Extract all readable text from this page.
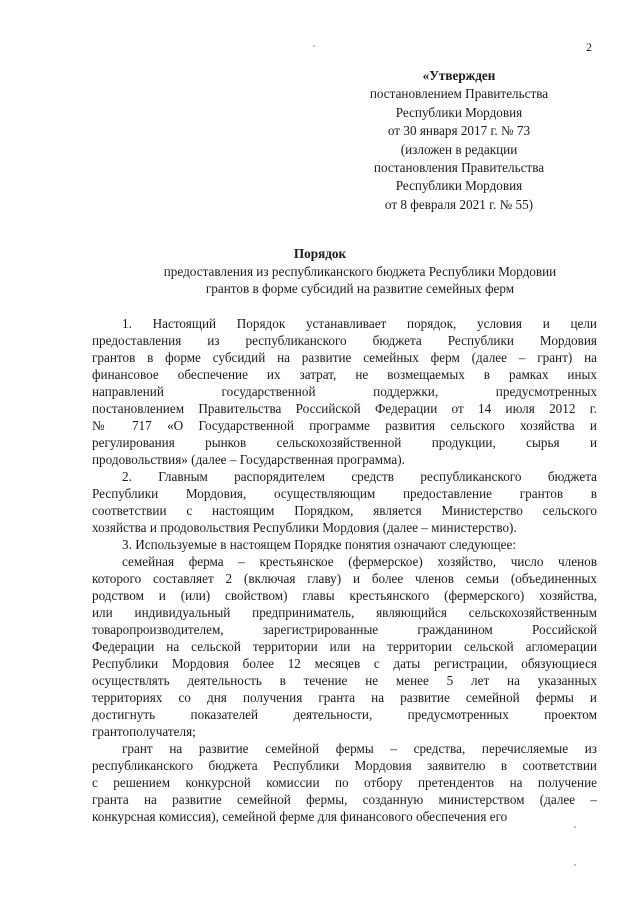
2
«Утвержден
постановлением Правительства
Республики Мордовия
от 30 января 2017 г. № 73
(изложен в редакции
постановления Правительства
Республики Мордовия
от 8 февраля 2021 г. № 55)
Порядок
предоставления из республиканского бюджета Республики Мордовии
грантов в форме субсидий на развитие семейных ферм
1. Настоящий Порядок устанавливает порядок, условия и цели
предоставления из республиканского бюджета Республики Мордовия
грантов в форме субсидий на развитие семейных ферм (далее – грант) на
финансовое обеспечение их затрат, не возмещаемых в рамках иных
направлений государственной поддержки, предусмотренных
постановлением Правительства Российской Федерации от 14 июля 2012 г.
№ 717 «О Государственной программе развития сельского хозяйства и
регулирования рынков сельскохозяйственной продукции, сырья и
продовольствия» (далее – Государственная программа).
2. Главным распорядителем средств республиканского бюджета
Республики Мордовия, осуществляющим предоставление грантов в
соответствии с настоящим Порядком, является Министерство сельского
хозяйства и продовольствия Республики Мордовия (далее – министерство).
3. Используемые в настоящем Порядке понятия означают следующее:
семейная ферма – крестьянское (фермерское) хозяйство, число членов
которого составляет 2 (включая главу) и более членов семьи (объединенных
родством и (или) свойством) главы крестьянского (фермерского) хозяйства,
или индивидуальный предприниматель, являющийся сельскохозяйственным
товаропроизводителем, зарегистрированные гражданином Российской
Федерации на сельской территории или на территории сельской агломерации
Республики Мордовия более 12 месяцев с даты регистрации, обязующиеся
осуществлять деятельность в течение не менее 5 лет на указанных
территориях со дня получения гранта на развитие семейной фермы и
достигнуть показателей деятельности, предусмотренных проектом
грантополучателя;
грант на развитие семейной фермы – средства, перечисляемые из
республиканского бюджета Республики Мордовия заявителю в соответствии
с решением конкурсной комиссии по отбору претендентов на получение
гранта на развитие семейной фермы, созданную министерством (далее –
конкурсная комиссия), семейной ферме для финансового обеспечения его
